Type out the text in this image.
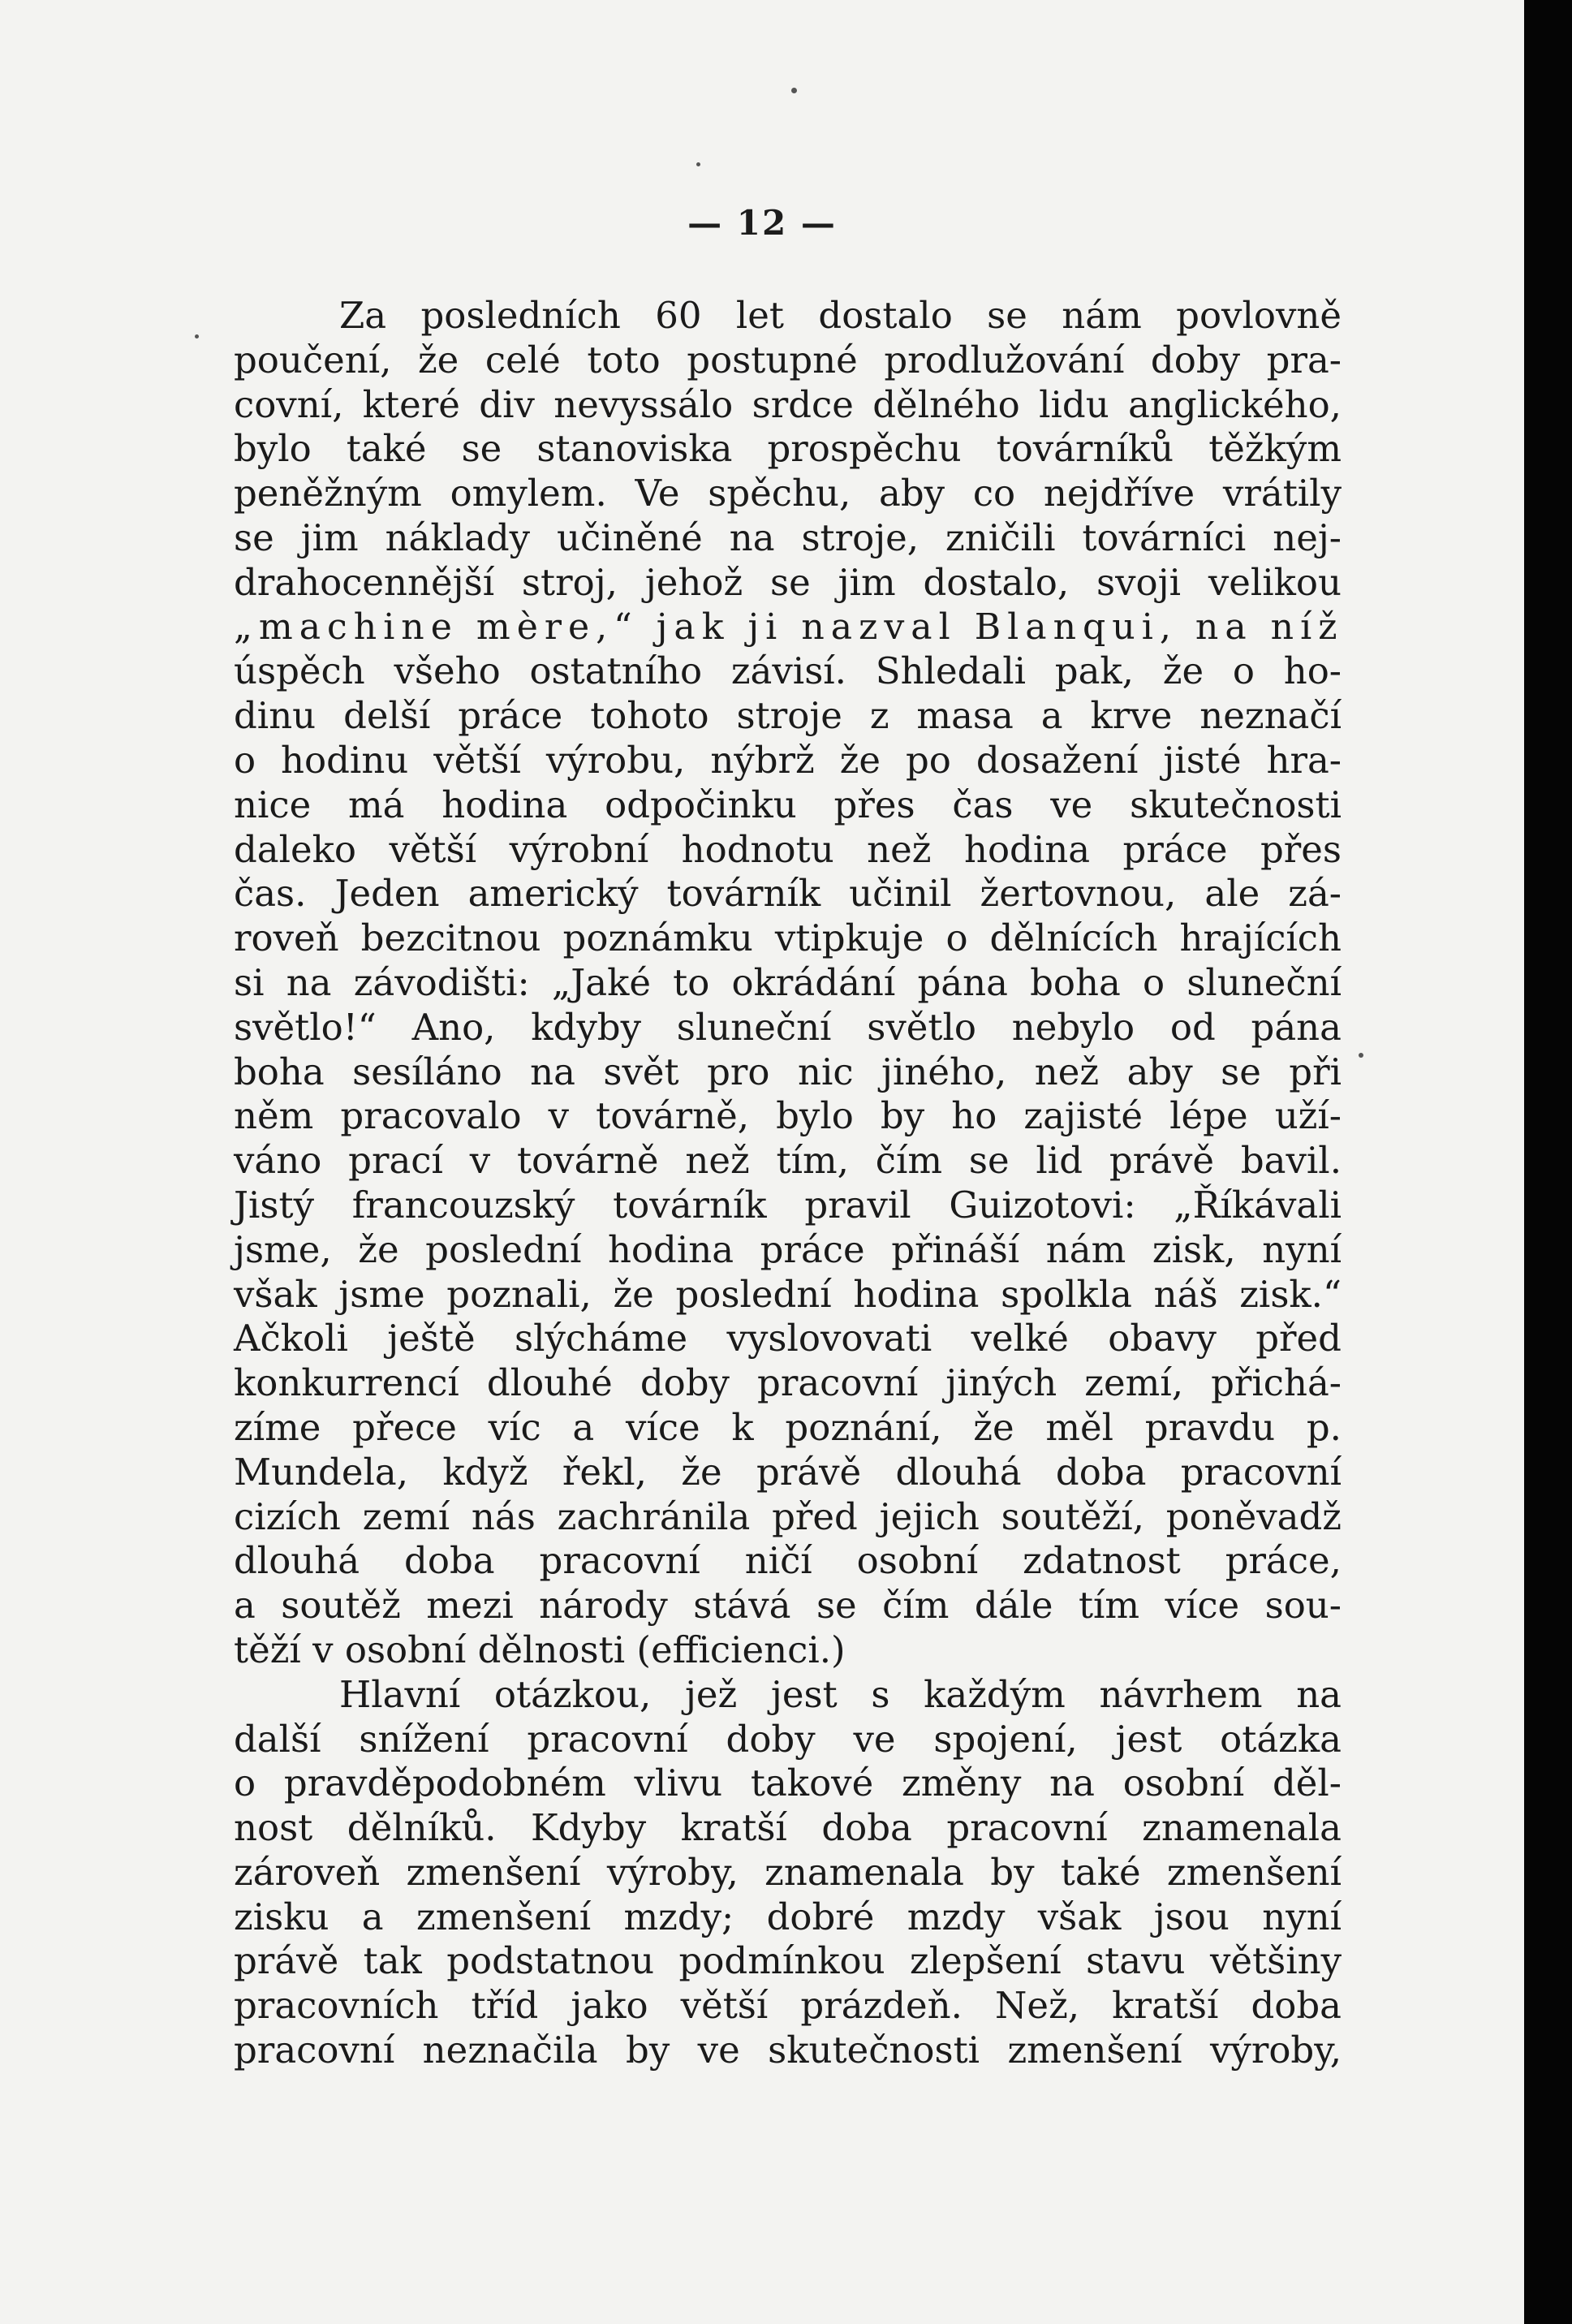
— 12 —
Za posledních 60 let dostalo se nám povlovně
poučení, že celé toto postupné prodlužování doby pra-
covní, které div nevyssálo srdce dělného lidu anglického,
bylo také se stanoviska prospěchu továrníků těžkým
peněžným omylem. Ve spěchu, aby co nejdříve vrátily
se jim náklady učiněné na stroje, zničili továrníci nej-
drahocennější stroj, jehož se jim dostalo, svoji velikou
„machine mère,“ jak ji nazval Blanqui, na níž
úspěch všeho ostatního závisí. Shledali pak, že o ho-
dinu delší práce tohoto stroje z masa a krve neznačí
o hodinu větší výrobu, nýbrž že po dosažení jisté hra-
nice má hodina odpočinku přes čas ve skutečnosti
daleko větší výrobní hodnotu než hodina práce přes
čas. Jeden americký továrník učinil žertovnou, ale zá-
roveň bezcitnou poznámku vtipkuje o dělnících hrajících
si na závodišti: „Jaké to okrádání pána boha o sluneční
světlo!“ Ano, kdyby sluneční světlo nebylo od pána
boha sesíláno na svět pro nic jiného, než aby se při
něm pracovalo v továrně, bylo by ho zajisté lépe uží-
váno prací v továrně než tím, čím se lid právě bavil.
Jistý francouzský továrník pravil Guizotovi: „Říkávali
jsme, že poslední hodina práce přináší nám zisk, nyní
však jsme poznali, že poslední hodina spolkla náš zisk.“
Ačkoli ještě slýcháme vyslovovati velké obavy před
konkurrencí dlouhé doby pracovní jiných zemí, přichá-
zíme přece víc a více k poznání, že měl pravdu p.
Mundela, když řekl, že právě dlouhá doba pracovní
cizích zemí nás zachránila před jejich soutěží, poněvadž
dlouhá doba pracovní ničí osobní zdatnost práce,
a soutěž mezi národy stává se čím dále tím více sou-
těží v osobní dělnosti (efficienci.)
Hlavní otázkou, jež jest s každým návrhem na
další snížení pracovní doby ve spojení, jest otázka
o pravděpodobném vlivu takové změny na osobní děl-
nost dělníků. Kdyby kratší doba pracovní znamenala
zároveň zmenšení výroby, znamenala by také zmenšení
zisku a zmenšení mzdy; dobré mzdy však jsou nyní
právě tak podstatnou podmínkou zlepšení stavu většiny
pracovních tříd jako větší prázdeň. Než, kratší doba
pracovní neznačila by ve skutečnosti zmenšení výroby,
